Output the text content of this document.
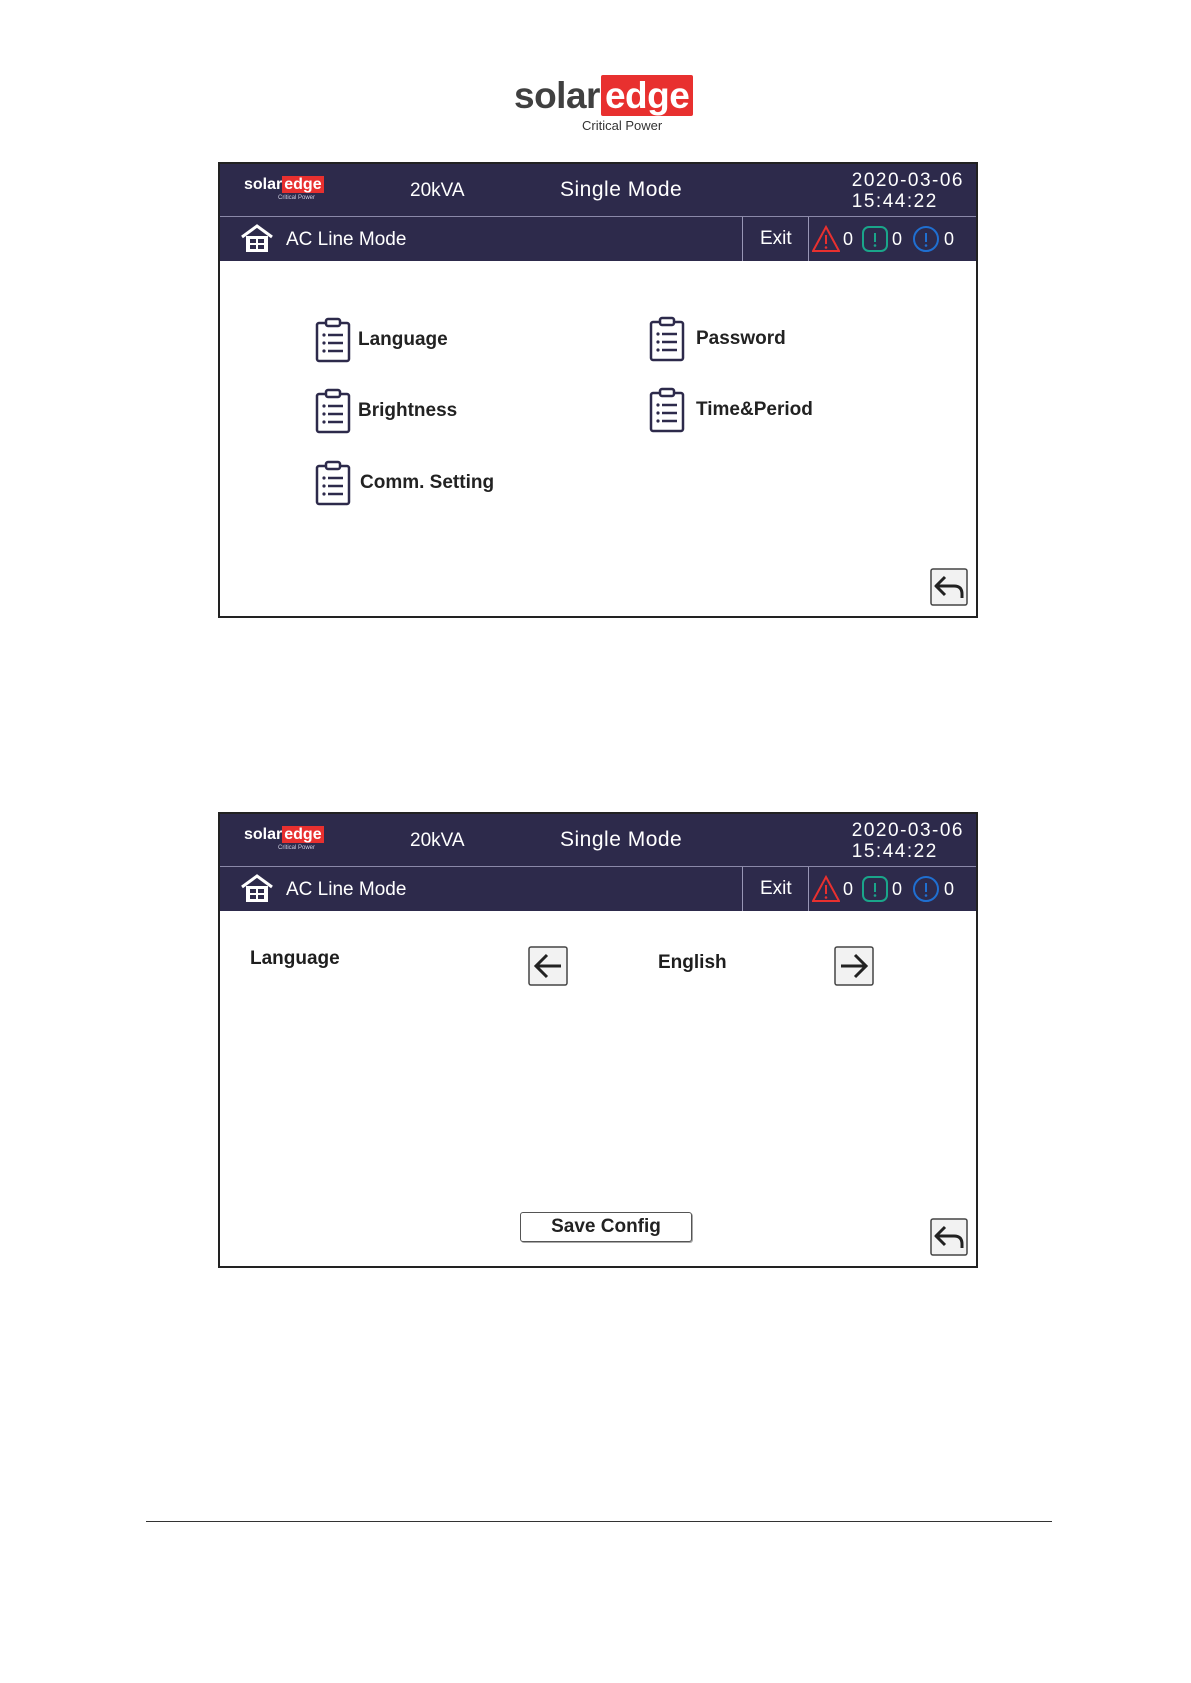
solar edge
Critical Power
solar edge
Critical Power	20kVA	Single Mode	2020-03-06
15:44:22
AC Line Mode	Exit	0 0 0
Language	Password
Brightness	Time&Period
Comm. Setting
solar edge
Critical Power	20kVA	Single Mode	2020-03-06
15:44:22
AC Line Mode	Exit	0 0 0
Language	English
Save Config
